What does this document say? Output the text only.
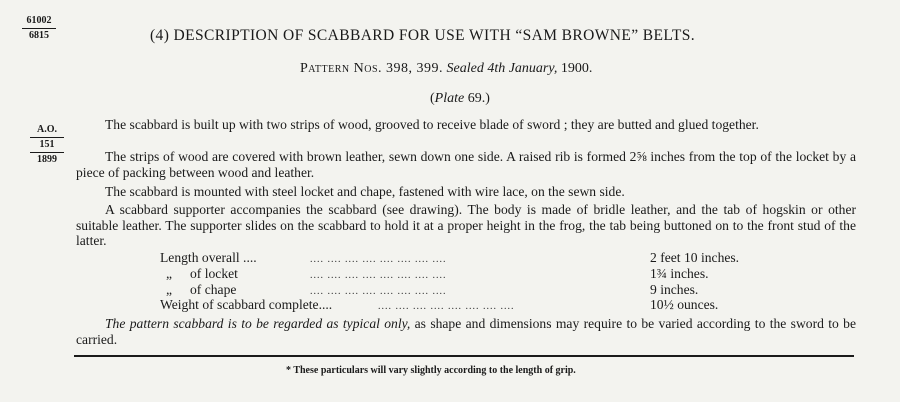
61002
6815
A.O.
151
1899
(4) DESCRIPTION OF SCABBARD FOR USE WITH “SAM BROWNE” BELTS.
Pattern Nos. 398, 399. Sealed 4th January, 1900.
(Plate 69.)

The scabbard is built up with two strips of wood, grooved to receive blade of sword ; they are butted and glued together.

The strips of wood are covered with brown leather, sewn down one side. A raised rib is formed 2⅝ inches from the top of the locket by a piece of packing between wood and leather.

The scabbard is mounted with steel locket and chape, fastened with wire lace, on the sewn side.

A scabbard supporter accompanies the scabbard (see drawing). The body is made of bridle leather, and the tab of hogskin or other suitable leather. The supporter slides on the scabbard to hold it at a proper height in the frog, the tab being buttoned on to the front stud of the latter.

Length overall ....	.... .... .... .... .... .... .... ....	2 feet 10 inches.
„ of locket	.... .... .... .... .... .... .... ....	1¾ inches.
„ of chape	.... .... .... .... .... .... .... ....	9 inches.
Weight of scabbard complete....	.... .... .... .... .... .... .... ....	10½ ounces.

The pattern scabbard is to be regarded as typical only, as shape and dimensions may require to be varied according to the sword to be carried.

* These particulars will vary slightly according to the length of grip.
